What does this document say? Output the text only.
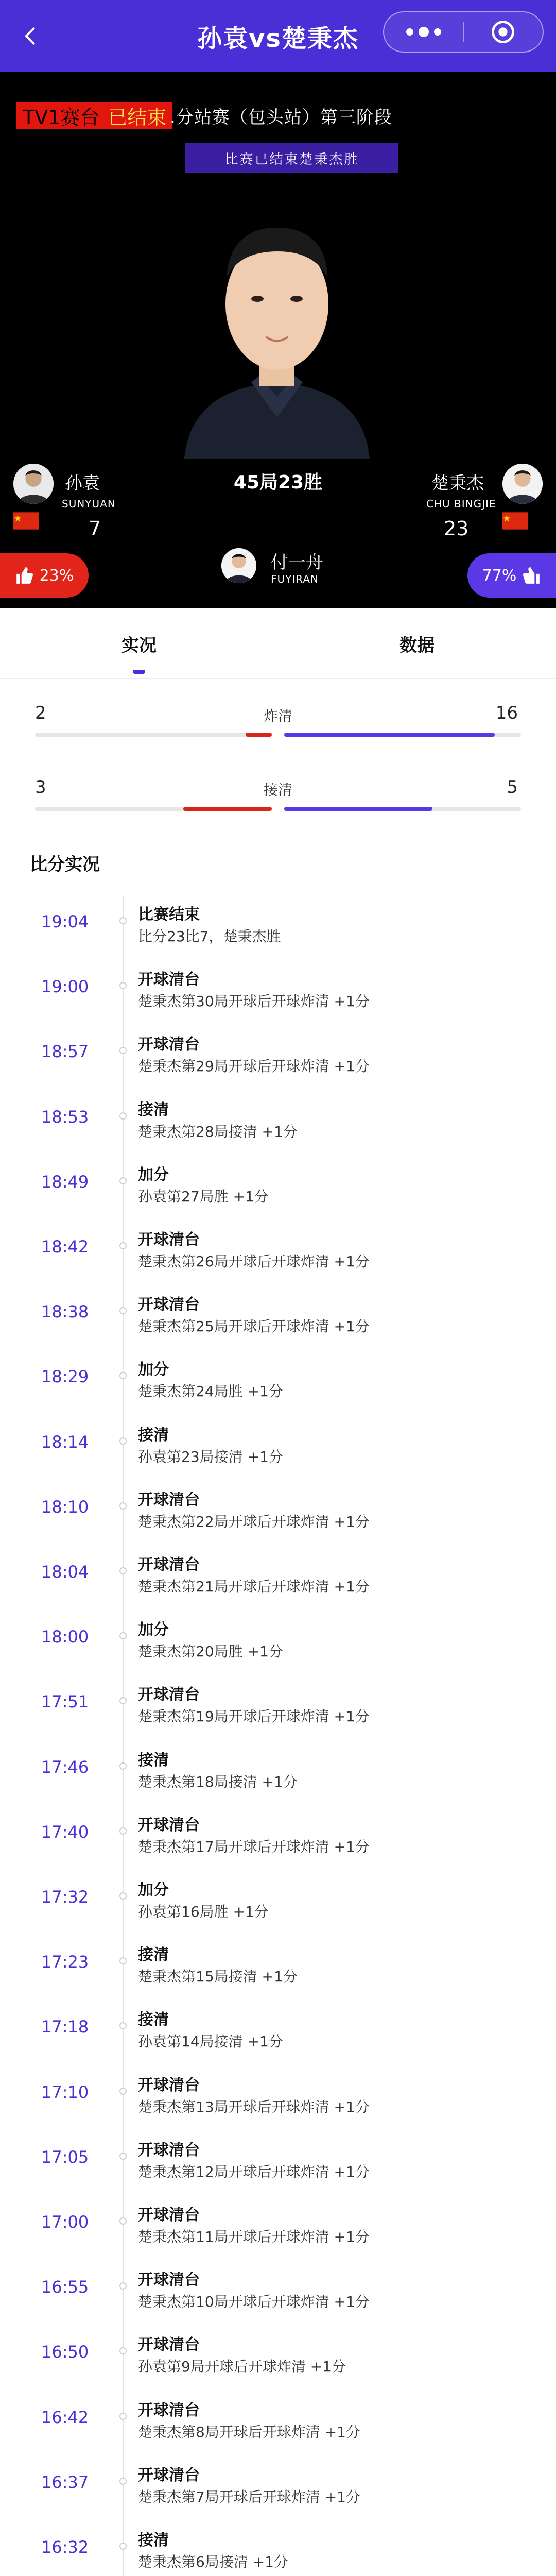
孙袁vs楚秉杰
TV1赛台 已结束 .分站赛（包头站）第三阶段
比赛已结束楚秉杰胜
孙袁
SUNYUAN
7
45局23胜	楚秉杰
CHU BINGJIE
23
付一舟
FUYIRAN
23%	77%
实况	数据
2	炸清	16
3	接清	5
比分实况
19:04	比赛结束
比分23比7，楚秉杰胜
19:00	开球清台
楚秉杰第30局开球后开球炸清 +1分
18:57	开球清台
楚秉杰第29局开球后开球炸清 +1分
18:53	接清
楚秉杰第28局接清 +1分
18:49	加分
孙袁第27局胜 +1分
18:42	开球清台
楚秉杰第26局开球后开球炸清 +1分
18:38	开球清台
楚秉杰第25局开球后开球炸清 +1分
18:29	加分
楚秉杰第24局胜 +1分
18:14	接清
孙袁第23局接清 +1分
18:10	开球清台
楚秉杰第22局开球后开球炸清 +1分
18:04	开球清台
楚秉杰第21局开球后开球炸清 +1分
18:00	加分
楚秉杰第20局胜 +1分
17:51	开球清台
楚秉杰第19局开球后开球炸清 +1分
17:46	接清
楚秉杰第18局接清 +1分
17:40	开球清台
楚秉杰第17局开球后开球炸清 +1分
17:32	加分
孙袁第16局胜 +1分
17:23	接清
楚秉杰第15局接清 +1分
17:18	接清
孙袁第14局接清 +1分
17:10	开球清台
楚秉杰第13局开球后开球炸清 +1分
17:05	开球清台
楚秉杰第12局开球后开球炸清 +1分
17:00	开球清台
楚秉杰第11局开球后开球炸清 +1分
16:55	开球清台
楚秉杰第10局开球后开球炸清 +1分
16:50	开球清台
孙袁第9局开球后开球炸清 +1分
16:42	开球清台
楚秉杰第8局开球后开球炸清 +1分
16:37	开球清台
楚秉杰第7局开球后开球炸清 +1分
16:32	接清
楚秉杰第6局接清 +1分
